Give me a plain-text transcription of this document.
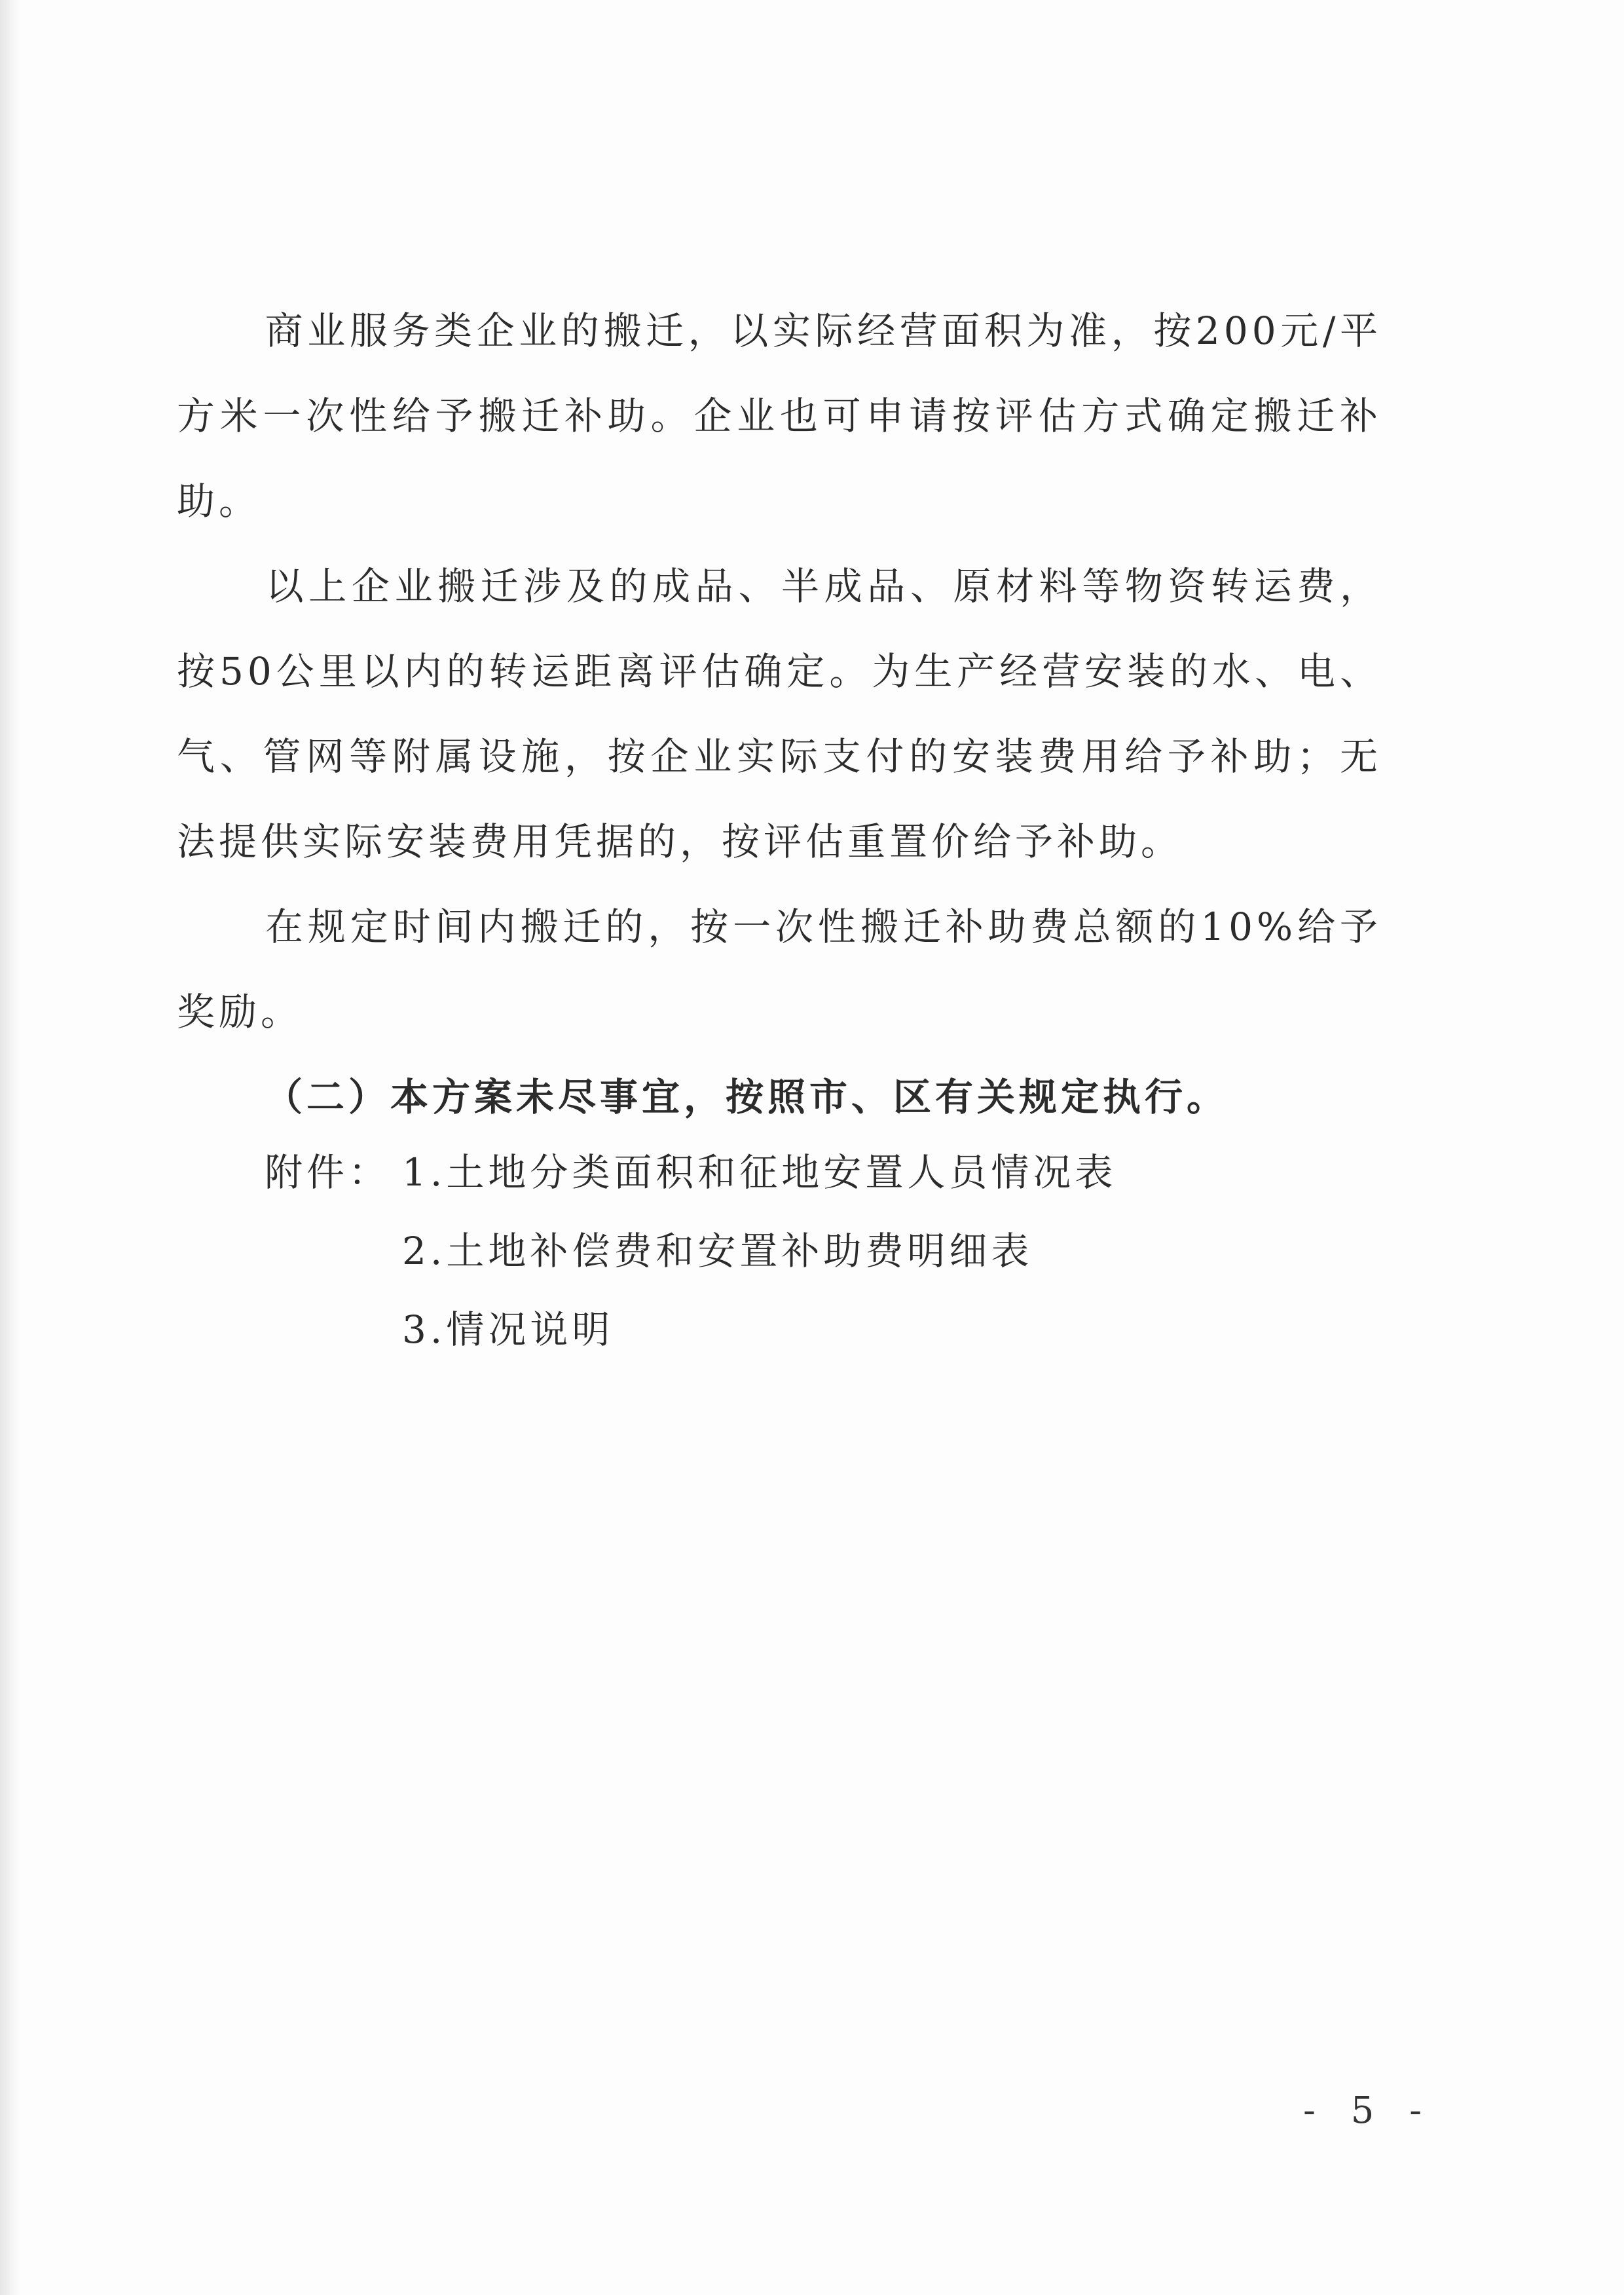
商业服务类企业的搬迁，以实际经营面积为准，按200元/平方米一次性给予搬迁补助。企业也可申请按评估方式确定搬迁补助。

以上企业搬迁涉及的成品、半成品、原材料等物资转运费，按50公里以内的转运距离评估确定。为生产经营安装的水、电、气、管网等附属设施，按企业实际支付的安装费用给予补助；无法提供实际安装费用凭据的，按评估重置价给予补助。

在规定时间内搬迁的，按一次性搬迁补助费总额的10%给予奖励。

（二）本方案未尽事宜，按照市、区有关规定执行。

附件： 1.土地分类面积和征地安置人员情况表
2.土地补偿费和安置补助费明细表
3.情况说明
- 5 -
